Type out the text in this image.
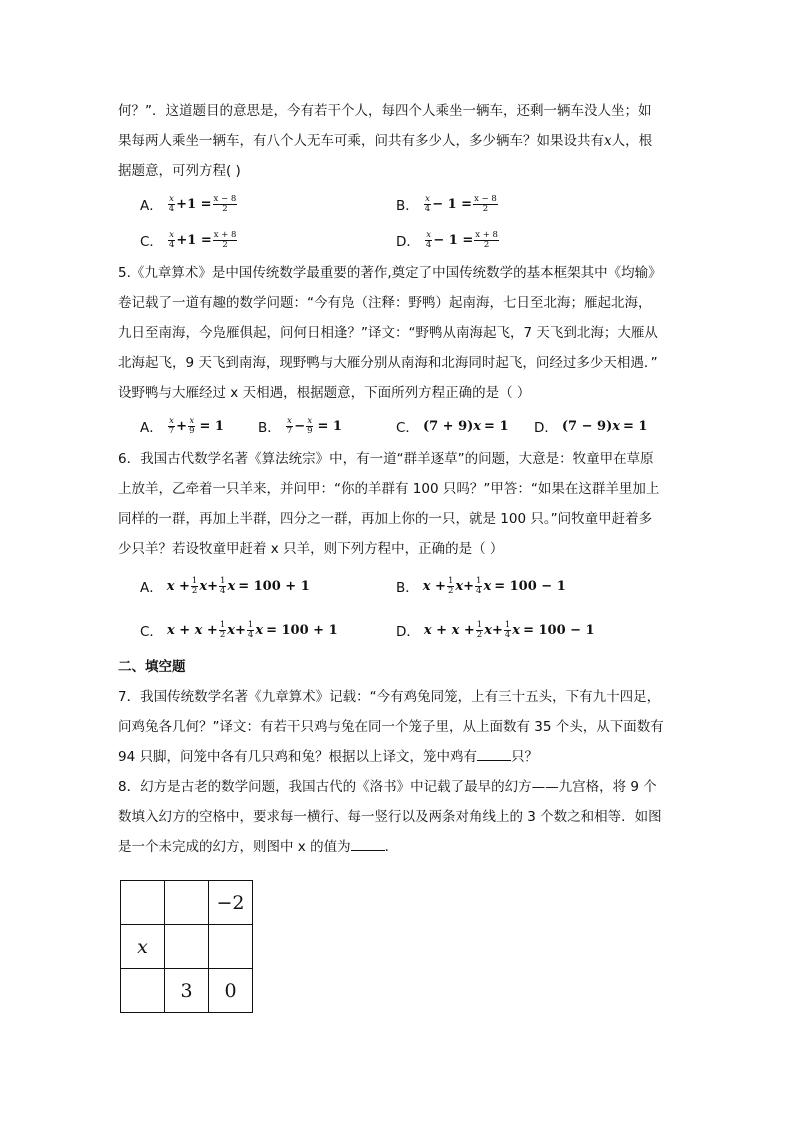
何？”．这道题目的意思是，今有若干个人，每四个人乘坐一辆车，还剩一辆车没人坐；如

果每两人乘坐一辆车，有八个人无车可乘，问共有多少人，多少辆车？如果设共有x人，根

据题意，可列方程( )

A． $\frac{x}{4} +1 = \frac{x - 8}{2}$	B． $\frac{x}{4} - 1 = \frac{x - 8}{2}$
C． $\frac{x}{4} +1 = \frac{x + 8}{2}$	D． $\frac{x}{4} - 1 = \frac{x + 8}{2}$

5.《九章算术》是中国传统数学最重要的著作,奠定了中国传统数学的基本框架其中《均输》

卷记载了一道有趣的数学问题：“今有凫（注释：野鸭）起南海，七日至北海；雁起北海，

九日至南海，今凫雁俱起，问何日相逢？”译文：“野鸭从南海起飞，7 天飞到北海；大雁从

北海起飞，9 天飞到南海，现野鸭与大雁分别从南海和北海同时起飞，问经过多少天相遇．”

设野鸭与大雁经过 x 天相遇，根据题意，下面所列方程正确的是（ ）

A． $\frac{x}{7} + \frac{x}{9} = 1$	B． $\frac{x}{7} - \frac{x}{9} = 1$	C． (7 + 9) x = 1 D． (7 − 9) x = 1

6．我国古代数学名著《算法统宗》中，有一道“群羊逐草”的问题，大意是：牧童甲在草原

上放羊，乙牵着一只羊来，并问甲：“你的羊群有 100 只吗？”甲答：“如果在这群羊里加上

同样的一群，再加上半群，四分之一群，再加上你的一只，就是 100 只。”问牧童甲赶着多

少只羊？若设牧童甲赶着 x 只羊，则下列方程中，正确的是（ ）

A． $x + \frac{1}{2}$ $x + \frac{1}{4}$ x = 100 + 1	B． $x + \frac{1}{2}$ $x + \frac{1}{4}$ x = 100 − 1
C． $x + x + \frac{1}{2}$ $x + \frac{1}{4}$ x = 100 + 1	D． $x + x + \frac{1}{2}$ $x + \frac{1}{4}$ x = 100 − 1

二、填空题

7．我国传统数学名著《九章算术》记载：“今有鸡兔同笼，上有三十五头，下有九十四足，

问鸡兔各几何？”译文：有若干只鸡与兔在同一个笼子里，从上面数有 35 个头，从下面数有

94 只脚，问笼中各有几只鸡和兔？根据以上译文，笼中鸡有	只？

8．幻方是古老的数学问题，我国古代的《洛书》中记载了最早的幻方——九宫格，将 9 个

数填入幻方的空格中，要求每一横行、每一竖行以及两条对角线上的 3 个数之和相等．如图

是一个未完成的幻方，则图中 x 的值为	．

		−2
x		
	3	0
